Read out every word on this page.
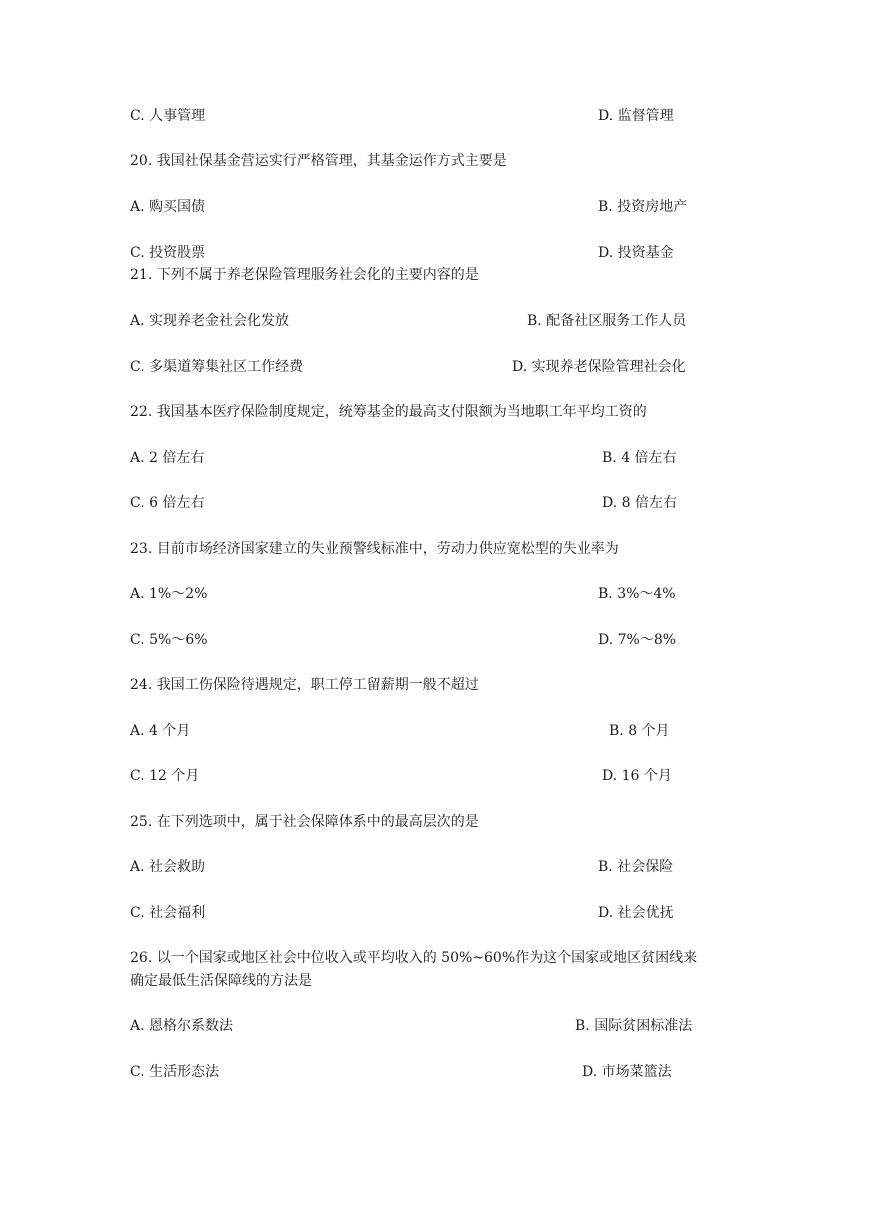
C. 人事管理	D. 监督管理
20. 我国社保基金营运实行严格管理，其基金运作方式主要是
A. 购买国债	B. 投资房地产
C. 投资股票	D. 投资基金
21. 下列不属于养老保险管理服务社会化的主要内容的是
A. 实现养老金社会化发放	B. 配备社区服务工作人员
C. 多渠道筹集社区工作经费	D. 实现养老保险管理社会化
22. 我国基本医疗保险制度规定，统筹基金的最高支付限额为当地职工年平均工资的
A. 2 倍左右	B. 4 倍左右
C. 6 倍左右	D. 8 倍左右
23. 目前市场经济国家建立的失业预警线标准中，劳动力供应宽松型的失业率为
A. 1%～2%	B. 3%～4%
C. 5%～6%	D. 7%～8%
24. 我国工伤保险待遇规定，职工停工留薪期一般不超过
A. 4 个月	B. 8 个月
C. 12 个月	D. 16 个月
25. 在下列选项中，属于社会保障体系中的最高层次的是
A. 社会救助	B. 社会保险
C. 社会福利	D. 社会优抚
26. 以一个国家或地区社会中位收入或平均收入的 50%~60%作为这个国家或地区贫困线来
确定最低生活保障线的方法是
A. 恩格尔系数法	B. 国际贫困标准法
C. 生活形态法	D. 市场菜篮法
